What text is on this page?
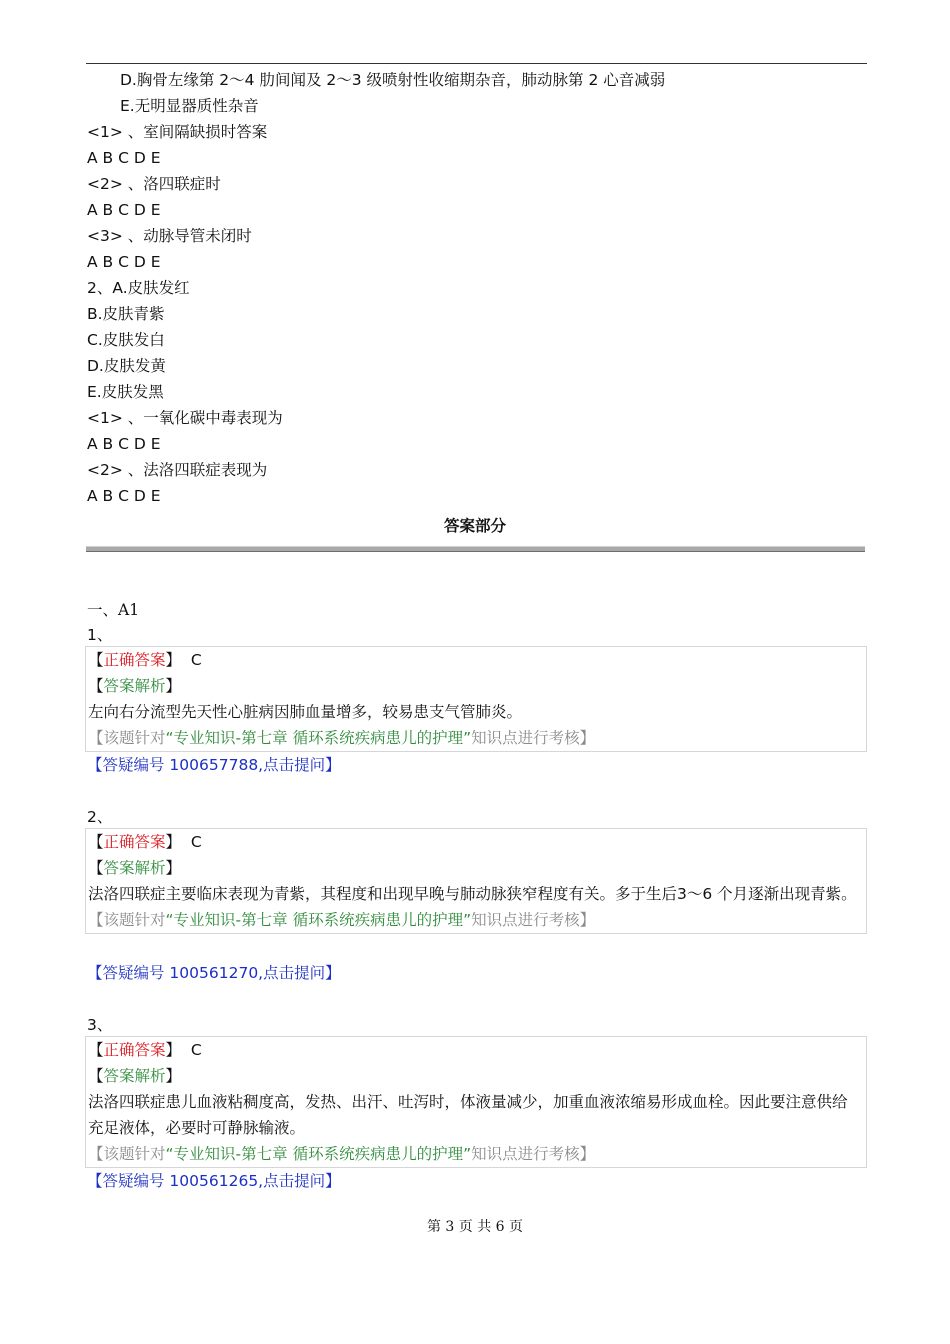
D.胸骨左缘第 2～4 肋间闻及 2～3 级喷射性收缩期杂音，肺动脉第 2 心音减弱
E.无明显器质性杂音
<1> 、室间隔缺损时答案
A B C D E
<2> 、洛四联症时
A B C D E
<3> 、动脉导管未闭时
A B C D E
2、A.皮肤发红
B.皮肤青紫
C.皮肤发白
D.皮肤发黄
E.皮肤发黑
<1> 、一氧化碳中毒表现为
A B C D E
<2> 、法洛四联症表现为
A B C D E
答案部分
一、A1
1、
【正确答案】 C
【答案解析】
左向右分流型先天性心脏病因肺血量增多，较易患支气管肺炎。
【该题针对“专业知识-第七章 循环系统疾病患儿的护理”知识点进行考核】
【答疑编号 100657788,点击提问】
2、
【正确答案】 C
【答案解析】
法洛四联症主要临床表现为青紫，其程度和出现早晚与肺动脉狭窄程度有关。多于生后3～6 个月逐渐出现青紫。
【该题针对“专业知识-第七章 循环系统疾病患儿的护理”知识点进行考核】
【答疑编号 100561270,点击提问】
3、
【正确答案】 C
【答案解析】
法洛四联症患儿血液粘稠度高，发热、出汗、吐泻时，体液量减少，加重血液浓缩易形成血栓。因此要注意供给充足液体，必要时可静脉输液。
【该题针对“专业知识-第七章 循环系统疾病患儿的护理”知识点进行考核】
【答疑编号 100561265,点击提问】
第 3 页 共 6 页
